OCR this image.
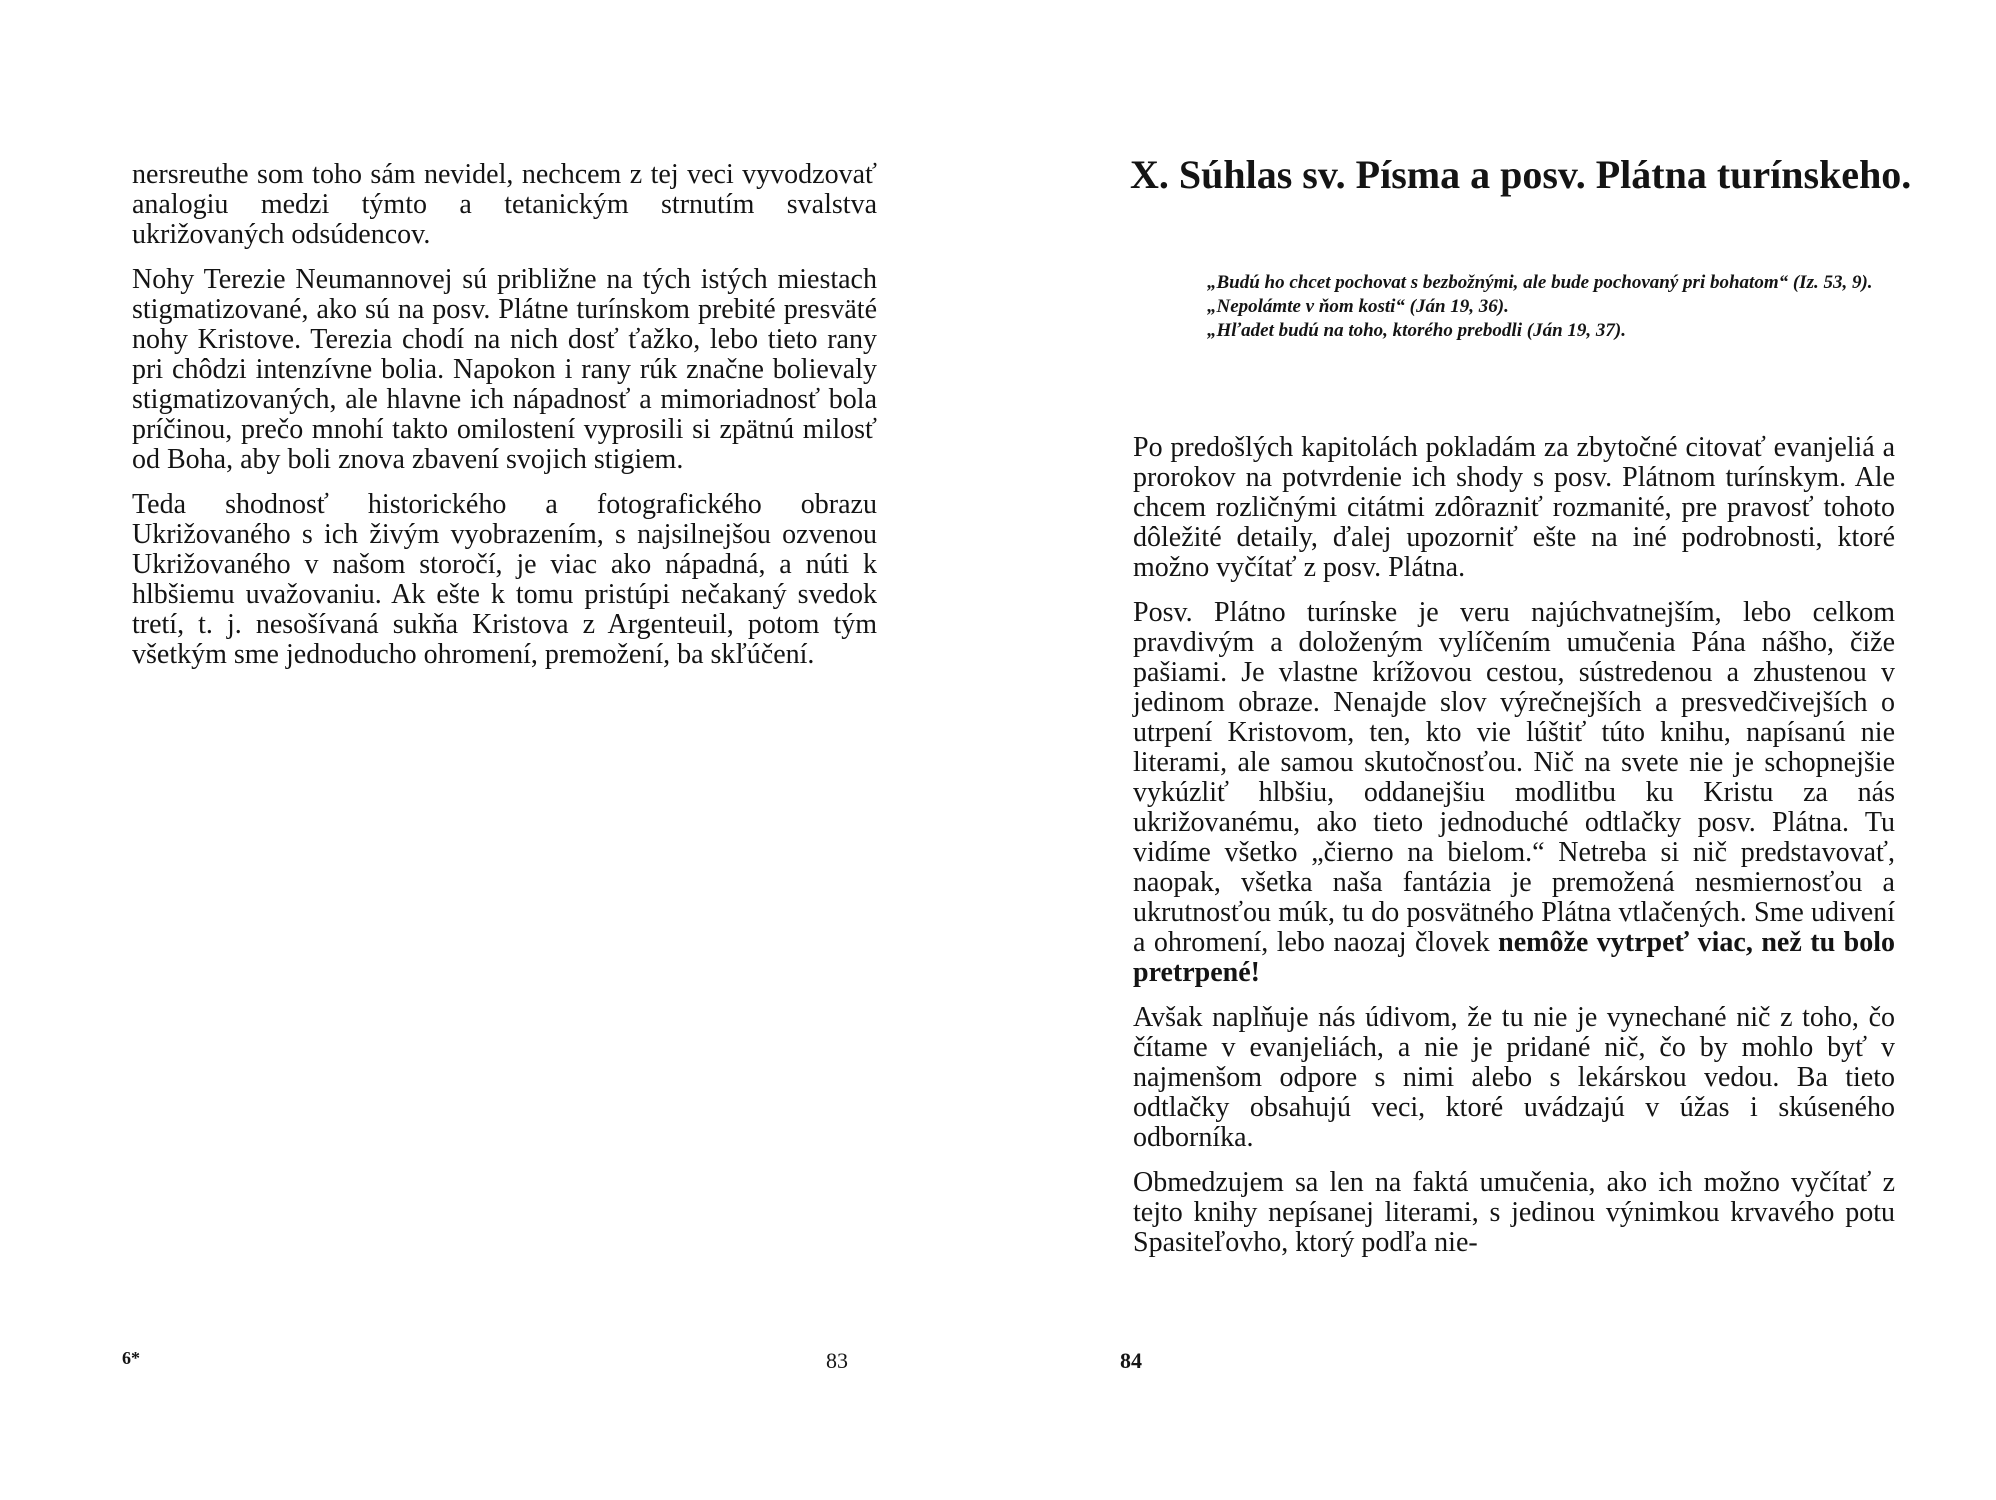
nersreuthe som toho sám nevidel, nechcem z tej veci vyvodzovať analogiu medzi týmto a tetanickým strnutím svalstva ukrižovaných odsúdencov.

Nohy Terezie Neumannovej sú približne na tých istých miestach stigmatizované, ako sú na posv. Plátne turínskom prebité presväté nohy Kristove. Terezia chodí na nich dosť ťažko, lebo tieto rany pri chôdzi intenzívne bolia. Napokon i rany rúk značne bolievaly stigmatizovaných, ale hlavne ich nápadnosť a mimoriadnosť bola príčinou, prečo mnohí takto omilostení vyprosili si zpätnú milosť od Boha, aby boli znova zbavení svojich stigiem.

Teda shodnosť historického a fotografického obrazu Ukrižovaného s ich živým vyobrazením, s najsilnejšou ozvenou Ukrižovaného v našom storočí, je viac ako nápadná, a núti k hlbšiemu uvažovaniu. Ak ešte k tomu pristúpi nečakaný svedok tretí, t. j. nesošívaná sukňa Kristova z Argenteuil, potom tým všetkým sme jednoducho ohromení, premožení, ba skľúčení.

6*	83
X. Súhlas sv. Písma a posv. Plátna turínskeho.

„Budú ho chcet pochovat s bezbožnými, ale bude pochovaný pri bohatom“ (Iz. 53, 9).

„Nepolámte v ňom kosti“ (Ján 19, 36).

„Hľadet budú na toho, ktorého prebodli (Ján 19, 37).

Po predošlých kapitolách pokladám za zbytočné citovať evanjeliá a prorokov na potvrdenie ich shody s posv. Plátnom turínskym. Ale chcem rozličnými citátmi zdôrazniť rozmanité, pre pravosť tohoto dôležité detaily, ďalej upozorniť ešte na iné podrobnosti, ktoré možno vyčítať z posv. Plátna.

Posv. Plátno turínske je veru najúchvatnejším, lebo celkom pravdivým a doloženým vylíčením umučenia Pána nášho, čiže pašiami. Je vlastne krížovou cestou, sústredenou a zhustenou v jedinom obraze. Nenajde slov výrečnejších a presvedčivejších o utrpení Kristovom, ten, kto vie lúštiť túto knihu, napísanú nie literami, ale samou skutočnosťou. Nič na svete nie je schopnejšie vykúzliť hlbšiu, oddanejšiu modlitbu ku Kristu za nás ukrižovanému, ako tieto jednoduché odtlačky posv. Plátna. Tu vidíme všetko „čierno na bielom.“ Netreba si nič predstavovať, naopak, všetka naša fantázia je premožená nesmiernosťou a ukrutnosťou múk, tu do posvätného Plátna vtlačených. Sme udivení a ohromení, lebo naozaj človek nemôže vytrpeť viac, než tu bolo pretrpené!

Avšak naplňuje nás údivom, že tu nie je vynechané nič z toho, čo čítame v evanjeliách, a nie je pridané nič, čo by mohlo byť v najmenšom odpore s nimi alebo s lekárskou vedou. Ba tieto odtlačky obsahujú veci, ktoré uvádzajú v úžas i skúseného odborníka.

Obmedzujem sa len na faktá umučenia, ako ich možno vyčítať z tejto knihy nepísanej literami, s jedinou výnimkou krvavého potu Spasiteľovho, ktorý podľa nie-

84
